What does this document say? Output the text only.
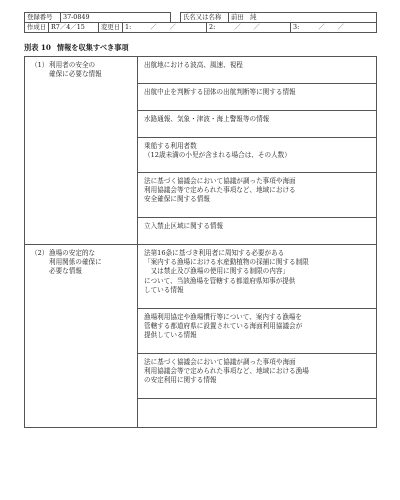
登録番号	37-0849		氏名又は名称	前田　純
作成日	R7／4／15	変更日	1:　　　／　　／	2:　　　／　　／	3:　　　／　　／
別表 10 情報を収集すべき事項
（1） 利用者の安全の
確保に必要な情報	出航地における波高、風速、視程
	出航中止を判断する団体の出航判断等に関する情報
	水路通報、気象・津波・海上警報等の情報
	乗船する利用者数
（12歳未満の小児が含まれる場合は、その人数）
	法に基づく協議会において協議が調った事項や海面
利用協議会等で定められた事項など、地域における
安全確保に関する情報
	立入禁止区域に関する情報

（2） 漁場の安定的な
利用関係の確保に
必要な情報	法第16条に基づき利用者に周知する必要がある
「案内する漁場における水産動植物の採捕に関する制限
　又は禁止及び漁場の使用に関する制限の内容」
について、当該漁場を管轄する都道府県知事が提供
している情報
	漁場利用協定や漁場慣行等について、案内する漁場を
管轄する都道府県に設置されている海面利用協議会が
提供している情報
	法に基づく協議会において協議が調った事項や海面
利用協議会等で定められた事項など、地域における漁場
の安定利用に関する情報
